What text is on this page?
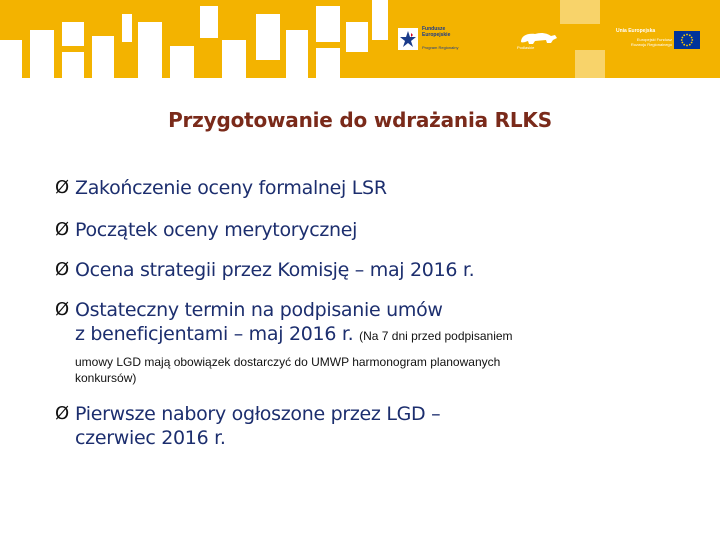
Fundusze Europejskie
Program Regionalny	Podlaskie
Unia Europejska
Europejski Fundusz
Rozwoju Regionalnego
Przygotowanie do wdrażania RLKS
Ø Zakończenie oceny formalnej LSR
Ø Początek oceny merytorycznej
Ø Ocena strategii przez Komisję – maj 2016 r.
Ø Ostateczny termin na podpisanie umów
z beneficjentami – maj 2016 r. (Na 7 dni przed podpisaniem
umowy LGD mają obowiązek dostarczyć do UMWP harmonogram planowanych
konkursów)
Ø Pierwsze nabory ogłoszone przez LGD –
czerwiec 2016 r.
